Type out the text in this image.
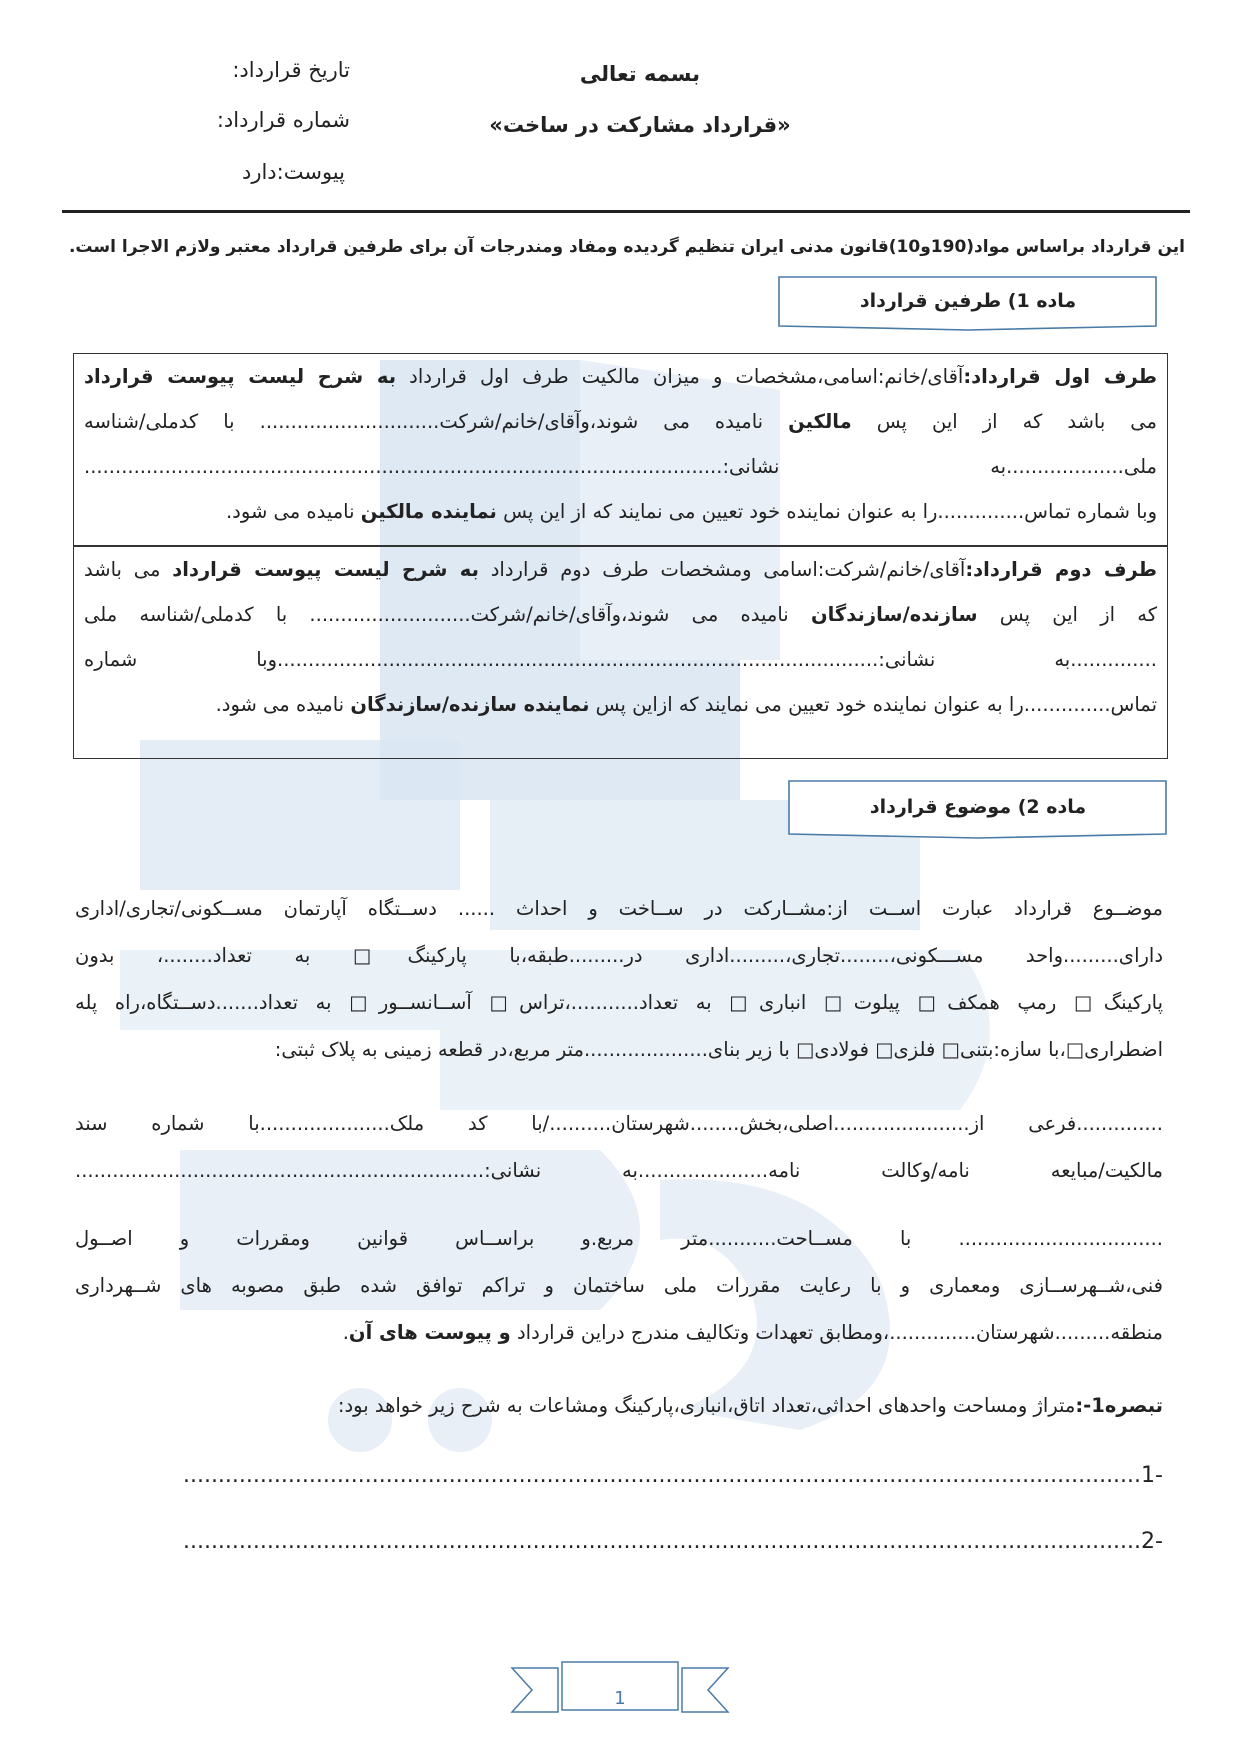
بسمه تعالی
«قرارداد مشارکت در ساخت»
تاریخ قرارداد:
شماره قرارداد:
پیوست:دارد
این قرارداد براساس مواد(190و10)قانون مدنی ایران تنظیم گردیده ومفاد ومندرجات آن برای طرفین قرارداد معتبر ولازم الاجرا است.
ماده 1) طرفین قرارداد
طرف اول قرارداد:آقای/خانم:اسامی،مشخصات و میزان مالکیت طرف اول قرارداد به شرح لیست پیوست قرارداد
می باشد که از این پس مالکین نامیده می شوند،وآقای/خانم/شرکت............................. با کدملی/شناسه
ملی...................به نشانی:.......................................................................................................
وبا شماره تماس..............را به عنوان نماینده خود تعیین می نمایند که از این پس نماینده مالکین نامیده می شود.
طرف دوم قرارداد:آقای/خانم/شرکت:اسامی ومشخصات طرف دوم قرارداد به شرح لیست پیوست قرارداد می باشد
که از این پس سازنده/سازندگان نامیده می شوند،وآقای/خانم/شرکت.......................... با کدملی/شناسه ملی
..............به نشانی:.................................................................................................وبا شماره
تماس..............را به عنوان نماینده خود تعیین می نمایند که ازاین پس نماینده سازنده/سازندگان نامیده می شود.
ماده 2) موضوع قرارداد
موضــوع قرارداد عبارت اســت از:مشــارکت در ســاخت و احداث ...... دســتگاه آپارتمان مســکونی/تجاری/اداری
دارای.........واحد مســـکونی،........تجاری،.........اداری در.........طبقه،با پارکینگ□ به تعداد........، بدون
پارکینگ□ رمپ همکف□ پیلوت□ انباری□ به تعداد...........،تراس□ آســانســور□ به تعداد.......دســتگاه،راه پله
اضطراری□،با سازه:بتنی□ فلزی□ فولادی□ با زیر بنای....................متر مربع،در قطعه زمینی به پلاک ثبتی:
..............فرعی از......................اصلی،بخش........شهرستان........../با کد ملک.....................با شماره سند
مالکیت/مبایعه نامه/وکالت نامه.....................به نشانی:..................................................................
................................. با مســاحت...........متر مربع.و براســاس قوانین ومقررات و اصــول
فنی،شــهرســازی ومعماری و با رعایت مقررات ملی ساختمان و تراکم توافق شده طبق مصوبه های شــهرداری
منطقه.........شهرستان..............،ومطابق تعهدات وتکالیف مندرج دراین قرارداد و پیوست های آن.
تبصره1-:متراژ ومساحت واحدهای احداثی،تعداد اتاق،انباری،پارکینگ ومشاعات به شرح زیر خواهد بود:
-1.........................................................................................................................................
-2.........................................................................................................................................
1
